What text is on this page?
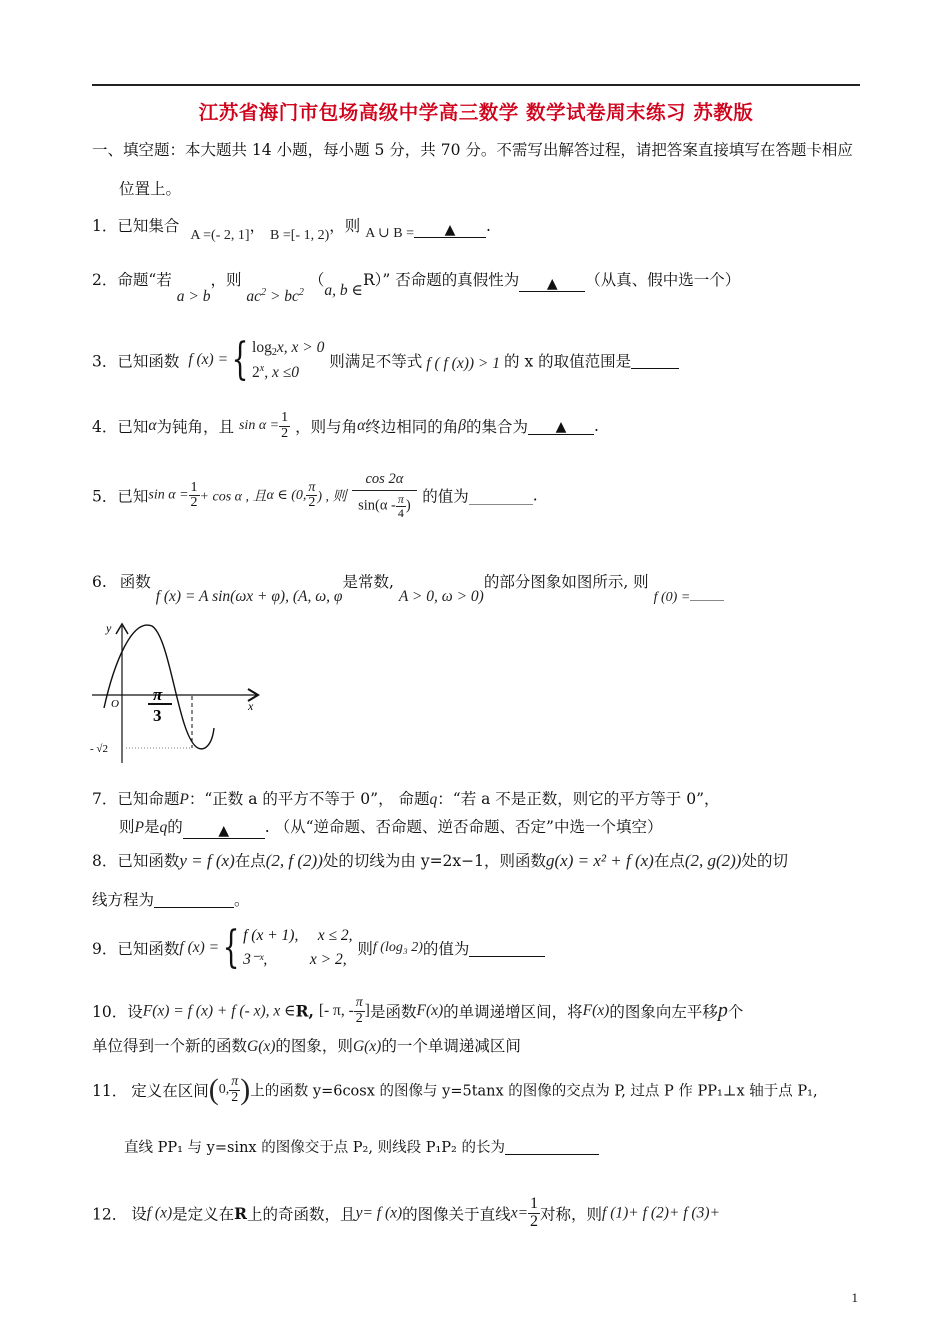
江苏省海门市包场高级中学高三数学 数学试卷周末练习 苏教版
一、填空题：本大题共 14 小题，每小题 5 分，共 70 分。不需写出解答过程，请把答案直接填写在答题卡相应
位置上。
1．已知集合 A =(- 2, 1]， B =[- 1, 2)，则 A ∪ B = ▲ .
2．命题“若 a > b，则 $ac^2 > bc^2$ （a, b ∈R）” 否命题的真假性为 ▲ （从真、假中选一个）
3．已知函数 f (x) ={ $\log_2x$, x > 0
2$^x$, x ≤0
则满足不等式 f ( f (x)) > 1 的 x 的取值范围是
4．已知α为钝角，且 $\sin \alpha = \frac{1}{2}$ ，则与角α终边相同的角β的集合为 ▲ .
5．已知$\sin \alpha = \frac{1}{2} + \cos \alpha$ , 且α ∈ (0, $\frac{\pi}{2}$ ) , 则 $\frac{\cos 2\alpha}{\sin(\alpha - \frac{\pi}{4} )}$ 的值为	.
6. 函数 f (x) = A sin(ωx + φ), (A, ω, φ是常数, A > 0, ω > 0)的部分图象如图所示, 则 f (0) =
y
x
O π
3
- √2
7．已知命题P：“正数 a 的平方不等于 0”， 命题q：“若 a 不是正数，则它的平方等于 0”，
则P是q的	▲ . （从“逆命题、否命题、逆否命题、否定”中选一个填空）
8．已知函数y = f (x)在点(2, f (2))处的切线为由 y=2x−1，则函数g(x) = x² + f (x)在点(2, g(2))处的切
线方程为	。
9．已知函数f (x) ={ f (x + 1),     x ≤ 2,
3⁻ˣ,           x > 2,
则f (log₃ 2)的值为
10．设F(x) = f (x) + f (- x), x ∈R, [- π, - $\frac{\pi}{2}$ ]是函数F(x)的单调递增区间，将F(x)的图象向左平移p个
单位得到一个新的函数G(x)的图象，则G(x)的一个单调递减区间
11． 定义在区间(0, $\frac{\pi}{2}$ )上的函数 y=6cosx 的图像与 y=5tanx 的图像的交点为 P, 过点 P 作 PP₁⊥x 轴于点 P₁,
直线 PP₁ 与 y=sinx 的图像交于点 P₂, 则线段 P₁P₂ 的长为
12． 设f (x)是定义在R上的奇函数，且y= f (x)的图像关于直线$x= \frac{1}{2}$ 对称，则f (1)+ f (2)+ f (3)+
1
